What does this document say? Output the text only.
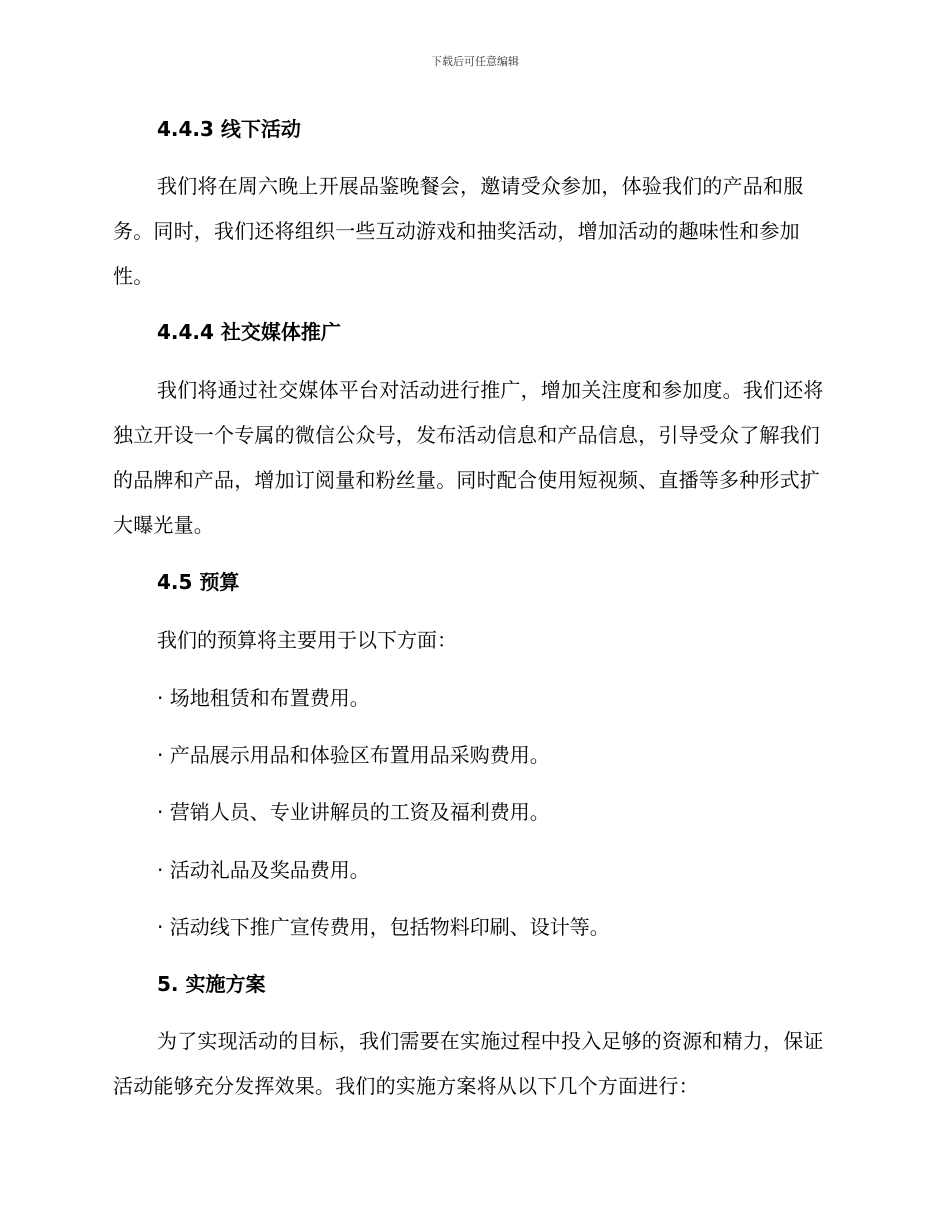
下载后可任意编辑
4.4.3 线下活动

我们将在周六晚上开展品鉴晚餐会，邀请受众参加，体验我们的产品和服务。同时，我们还将组织一些互动游戏和抽奖活动，增加活动的趣味性和参加性。

4.4.4 社交媒体推广

我们将通过社交媒体平台对活动进行推广，增加关注度和参加度。我们还将独立开设一个专属的微信公众号，发布活动信息和产品信息，引导受众了解我们的品牌和产品，增加订阅量和粉丝量。同时配合使用短视频、直播等多种形式扩大曝光量。

4.5 预算

我们的预算将主要用于以下方面：

· 场地租赁和布置费用。

· 产品展示用品和体验区布置用品采购费用。

· 营销人员、专业讲解员的工资及福利费用。

· 活动礼品及奖品费用。

· 活动线下推广宣传费用，包括物料印刷、设计等。

5. 实施方案

为了实现活动的目标，我们需要在实施过程中投入足够的资源和精力，保证活动能够充分发挥效果。我们的实施方案将从以下几个方面进行：
